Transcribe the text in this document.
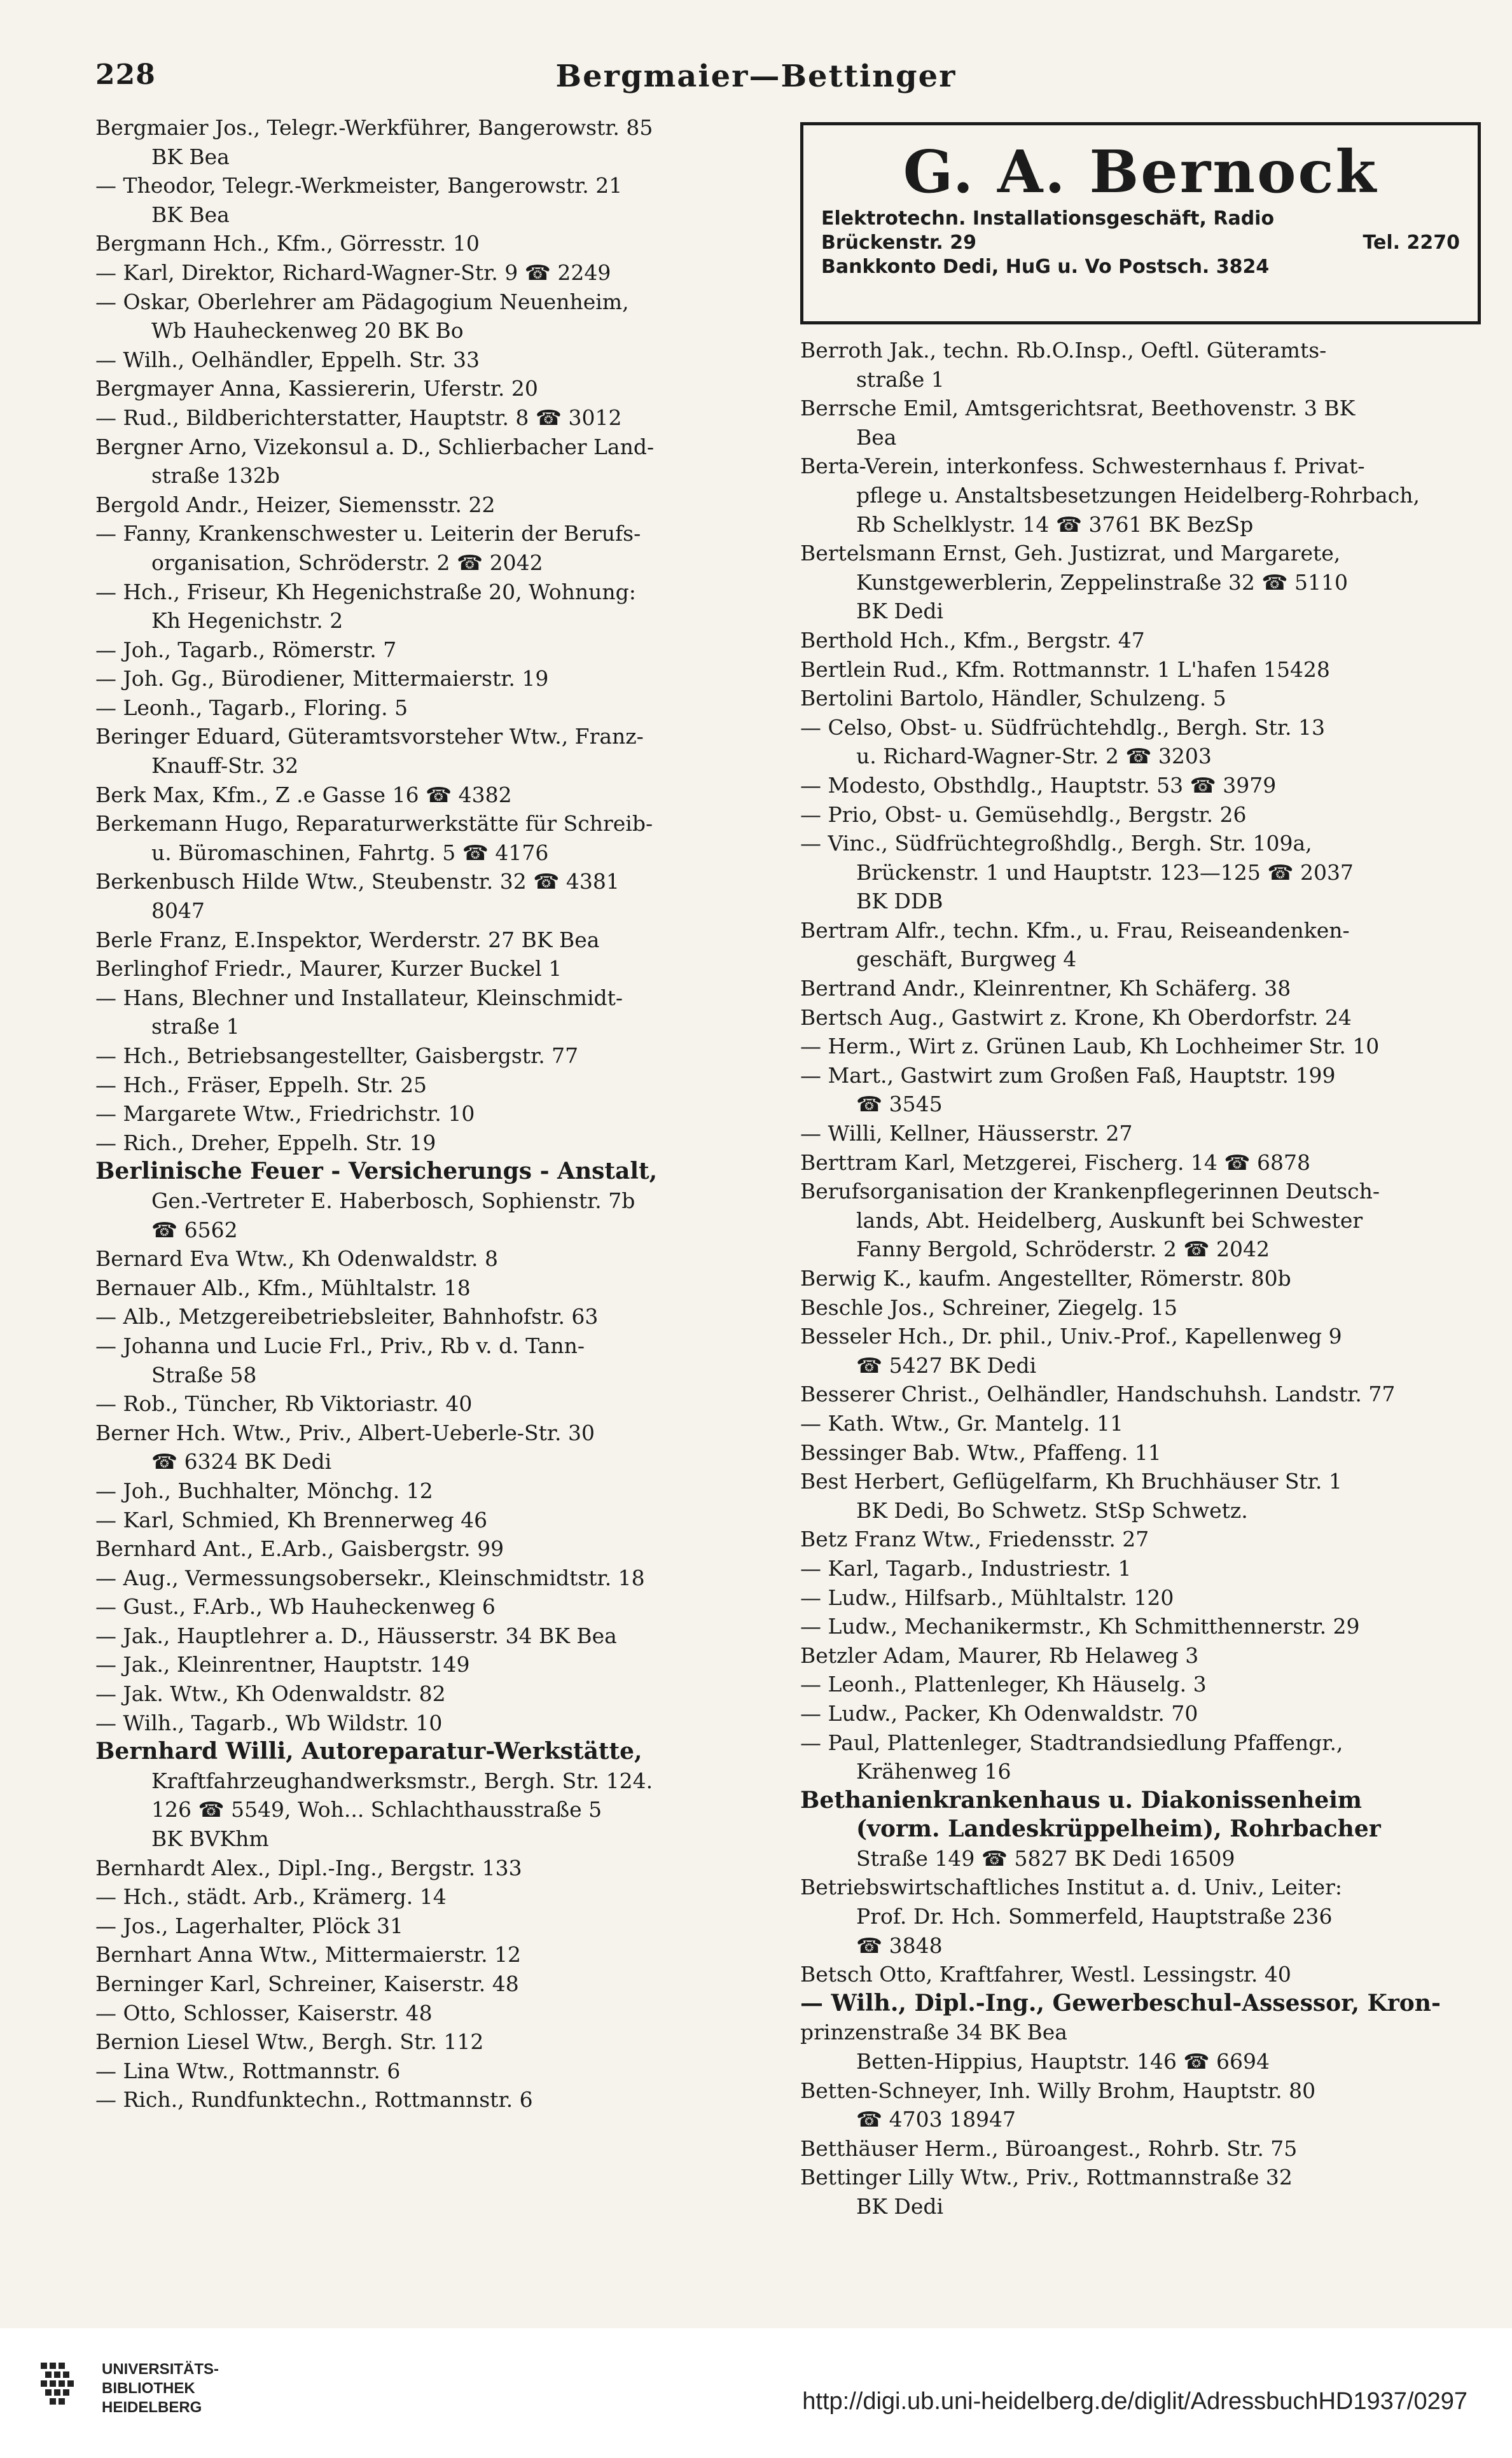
228	Bergmaier—Bettinger
Bergmaier Jos., Telegr.-Werkführer, Bangerowstr. 85
BK Bea
— Theodor, Telegr.-Werkmeister, Bangerowstr. 21
BK Bea
Bergmann Hch., Kfm., Görresstr. 10
— Karl, Direktor, Richard-Wagner-Str. 9 ☎ 2249
— Oskar, Oberlehrer am Pädagogium Neuenheim,
Wb Hauheckenweg 20 BK Bo
— Wilh., Oelhändler, Eppelh. Str. 33
Bergmayer Anna, Kassiererin, Uferstr. 20
— Rud., Bildberichterstatter, Hauptstr. 8 ☎ 3012
Bergner Arno, Vizekonsul a. D., Schlierbacher Land-
straße 132b
Bergold Andr., Heizer, Siemensstr. 22
— Fanny, Krankenschwester u. Leiterin der Berufs-
organisation, Schröderstr. 2 ☎ 2042
— Hch., Friseur, Kh Hegenichstraße 20, Wohnung:
Kh Hegenichstr. 2
— Joh., Tagarb., Römerstr. 7
— Joh. Gg., Bürodiener, Mittermaierstr. 19
— Leonh., Tagarb., Floring. 5
Beringer Eduard, Güteramtsvorsteher Wtw., Franz-
Knauff-Str. 32
Berk Max, Kfm., Z .e Gasse 16 ☎ 4382
Berkemann Hugo, Reparaturwerkstätte für Schreib-
u. Büromaschinen, Fahrtg. 5 ☎ 4176
Berkenbusch Hilde Wtw., Steubenstr. 32 ☎ 4381
8047
Berle Franz, E.Inspektor, Werderstr. 27 BK Bea
Berlinghof Friedr., Maurer, Kurzer Buckel 1
— Hans, Blechner und Installateur, Kleinschmidt-
straße 1
— Hch., Betriebsangestellter, Gaisbergstr. 77
— Hch., Fräser, Eppelh. Str. 25
— Margarete Wtw., Friedrichstr. 10
— Rich., Dreher, Eppelh. Str. 19
Berlinische Feuer - Versicherungs - Anstalt,
Gen.-Vertreter E. Haberbosch, Sophienstr. 7b
☎ 6562
Bernard Eva Wtw., Kh Odenwaldstr. 8
Bernauer Alb., Kfm., Mühltalstr. 18
— Alb., Metzgereibetriebsleiter, Bahnhofstr. 63
— Johanna und Lucie Frl., Priv., Rb v. d. Tann-
Straße 58
— Rob., Tüncher, Rb Viktoriastr. 40
Berner Hch. Wtw., Priv., Albert-Ueberle-Str. 30
☎ 6324 BK Dedi
— Joh., Buchhalter, Mönchg. 12
— Karl, Schmied, Kh Brennerweg 46
Bernhard Ant., E.Arb., Gaisbergstr. 99
— Aug., Vermessungsobersekr., Kleinschmidtstr. 18
— Gust., F.Arb., Wb Hauheckenweg 6
— Jak., Hauptlehrer a. D., Häusserstr. 34 BK Bea
— Jak., Kleinrentner, Hauptstr. 149
— Jak. Wtw., Kh Odenwaldstr. 82
— Wilh., Tagarb., Wb Wildstr. 10
Bernhard Willi, Autoreparatur-Werkstätte,
Kraftfahrzeughandwerksmstr., Bergh. Str. 124.
126 ☎ 5549, Woh... Schlachthausstraße 5
BK BVKhm
Bernhardt Alex., Dipl.-Ing., Bergstr. 133
— Hch., städt. Arb., Krämerg. 14
— Jos., Lagerhalter, Plöck 31
Bernhart Anna Wtw., Mittermaierstr. 12
Berninger Karl, Schreiner, Kaiserstr. 48
— Otto, Schlosser, Kaiserstr. 48
Bernion Liesel Wtw., Bergh. Str. 112
— Lina Wtw., Rottmannstr. 6
— Rich., Rundfunktechn., Rottmannstr. 6
G. A. Bernock
Elektrotechn. Installationsgeschäft, Radio
Brückenstr. 29	Tel. 2270
Bankkonto Dedi, HuG u. Vo Postsch. 3824
Berroth Jak., techn. Rb.O.Insp., Oeftl. Güteramts-
straße 1
Berrsche Emil, Amtsgerichtsrat, Beethovenstr. 3 BK
Bea
Berta-Verein, interkonfess. Schwesternhaus f. Privat-
pflege u. Anstaltsbesetzungen Heidelberg-Rohrbach,
Rb Schelklystr. 14 ☎ 3761 BK BezSp
Bertelsmann Ernst, Geh. Justizrat, und Margarete,
Kunstgewerblerin, Zeppelinstraße 32 ☎ 5110
BK Dedi
Berthold Hch., Kfm., Bergstr. 47
Bertlein Rud., Kfm. Rottmannstr. 1 L'hafen 15428
Bertolini Bartolo, Händler, Schulzeng. 5
— Celso, Obst- u. Südfrüchtehdlg., Bergh. Str. 13
u. Richard-Wagner-Str. 2 ☎ 3203
— Modesto, Obsthdlg., Hauptstr. 53 ☎ 3979
— Prio, Obst- u. Gemüsehdlg., Bergstr. 26
— Vinc., Südfrüchtegroßhdlg., Bergh. Str. 109a,
Brückenstr. 1 und Hauptstr. 123—125 ☎ 2037
BK DDB
Bertram Alfr., techn. Kfm., u. Frau, Reiseandenken-
geschäft, Burgweg 4
Bertrand Andr., Kleinrentner, Kh Schäferg. 38
Bertsch Aug., Gastwirt z. Krone, Kh Oberdorfstr. 24
— Herm., Wirt z. Grünen Laub, Kh Lochheimer Str. 10
— Mart., Gastwirt zum Großen Faß, Hauptstr. 199
☎ 3545
— Willi, Kellner, Häusserstr. 27
Berttram Karl, Metzgerei, Fischerg. 14 ☎ 6878
Berufsorganisation der Krankenpflegerinnen Deutsch-
lands, Abt. Heidelberg, Auskunft bei Schwester
Fanny Bergold, Schröderstr. 2 ☎ 2042
Berwig K., kaufm. Angestellter, Römerstr. 80b
Beschle Jos., Schreiner, Ziegelg. 15
Besseler Hch., Dr. phil., Univ.-Prof., Kapellenweg 9
☎ 5427 BK Dedi
Besserer Christ., Oelhändler, Handschuhsh. Landstr. 77
— Kath. Wtw., Gr. Mantelg. 11
Bessinger Bab. Wtw., Pfaffeng. 11
Best Herbert, Geflügelfarm, Kh Bruchhäuser Str. 1
BK Dedi, Bo Schwetz. StSp Schwetz.
Betz Franz Wtw., Friedensstr. 27
— Karl, Tagarb., Industriestr. 1
— Ludw., Hilfsarb., Mühltalstr. 120
— Ludw., Mechanikermstr., Kh Schmitthennerstr. 29
Betzler Adam, Maurer, Rb Helaweg 3
— Leonh., Plattenleger, Kh Häuselg. 3
— Ludw., Packer, Kh Odenwaldstr. 70
— Paul, Plattenleger, Stadtrandsiedlung Pfaffengr.,
Krähenweg 16
Bethanienkrankenhaus u. Diakonissenheim
(vorm. Landeskrüppelheim), Rohrbacher
Straße 149 ☎ 5827 BK Dedi 16509
Betriebswirtschaftliches Institut a. d. Univ., Leiter:
Prof. Dr. Hch. Sommerfeld, Hauptstraße 236
☎ 3848
Betsch Otto, Kraftfahrer, Westl. Lessingstr. 40
— Wilh., Dipl.-Ing., Gewerbeschul-Assessor, Kron-
prinzenstraße 34 BK Bea
Betten-Hippius, Hauptstr. 146 ☎ 6694
Betten-Schneyer, Inh. Willy Brohm, Hauptstr. 80
☎ 4703 18947
Betthäuser Herm., Büroangest., Rohrb. Str. 75
Bettinger Lilly Wtw., Priv., Rottmannstraße 32
BK Dedi
UNIVERSITÄTS-
BIBLIOTHEK
HEIDELBERG	http://digi.ub.uni-heidelberg.de/diglit/AdressbuchHD1937/0297
